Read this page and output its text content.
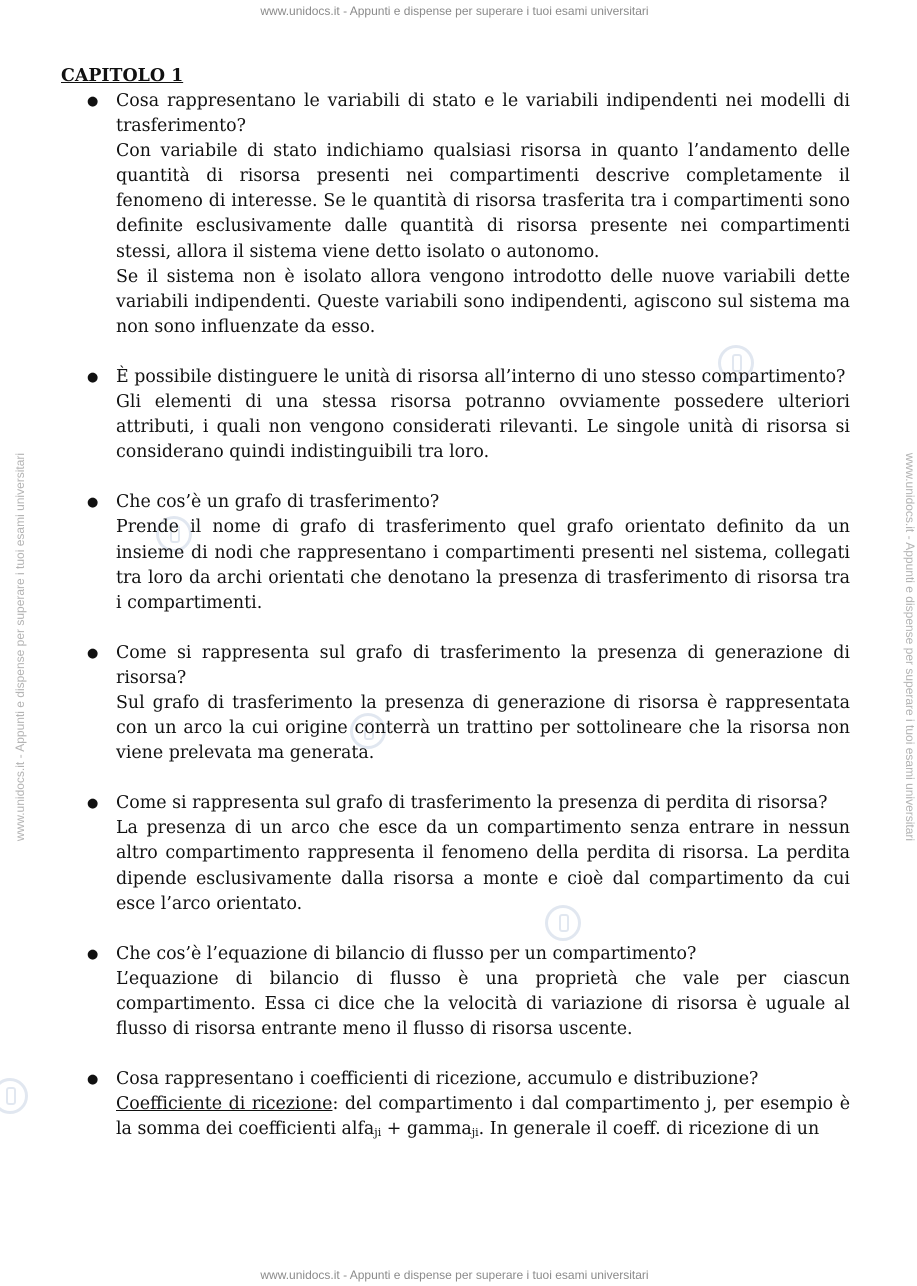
www.unidocs.it - Appunti e dispense per superare i tuoi esami universitari
www.unidocs.it - Appunti e dispense per superare i tuoi esami universitari
www.unidocs.it - Appunti e dispense per superare i tuoi esami universitari	www.unidocs.it - Appunti e dispense per superare i tuoi esami universitari
CAPITOLO 1
● Cosa rappresentano le variabili di stato e le variabili indipendenti nei modelli di trasferimento?

Con variabile di stato indichiamo qualsiasi risorsa in quanto l’andamento delle quantità di risorsa presenti nei compartimenti descrive completamente il fenomeno di interesse. Se le quantità di risorsa trasferita tra i compartimenti sono definite esclusivamente dalle quantità di risorsa presente nei compartimenti stessi, allora il sistema viene detto isolato o autonomo.

Se il sistema non è isolato allora vengono introdotto delle nuove variabili dette variabili indipendenti. Queste variabili sono indipendenti, agiscono sul sistema ma non sono influenzate da esso.

● È possibile distinguere le unità di risorsa all’interno di uno stesso compartimento?

Gli elementi di una stessa risorsa potranno ovviamente possedere ulteriori attributi, i quali non vengono considerati rilevanti. Le singole unità di risorsa si considerano quindi indistinguibili tra loro.

● Che cos’è un grafo di trasferimento?

Prende il nome di grafo di trasferimento quel grafo orientato definito da un insieme di nodi che rappresentano i compartimenti presenti nel sistema, collegati tra loro da archi orientati che denotano la presenza di trasferimento di risorsa tra i compartimenti.

● Come si rappresenta sul grafo di trasferimento la presenza di generazione di risorsa?

Sul grafo di trasferimento la presenza di generazione di risorsa è rappresentata con un arco la cui origine conterrà un trattino per sottolineare che la risorsa non viene prelevata ma generata.

● Come si rappresenta sul grafo di trasferimento la presenza di perdita di risorsa?

La presenza di un arco che esce da un compartimento senza entrare in nessun altro compartimento rappresenta il fenomeno della perdita di risorsa. La perdita dipende esclusivamente dalla risorsa a monte e cioè dal compartimento da cui esce l’arco orientato.

● Che cos’è l’equazione di bilancio di flusso per un compartimento?

L’equazione di bilancio di flusso è una proprietà che vale per ciascun compartimento. Essa ci dice che la velocità di variazione di risorsa è uguale al flusso di risorsa entrante meno il flusso di risorsa uscente.

● Cosa rappresentano i coefficienti di ricezione, accumulo e distribuzione?

Coefficiente di ricezione: del compartimento i dal compartimento j, per esempio è la somma dei coefficienti alfa$_{ji}$ + gamma$_{ji}$. In generale il coeff. di ricezione di un
